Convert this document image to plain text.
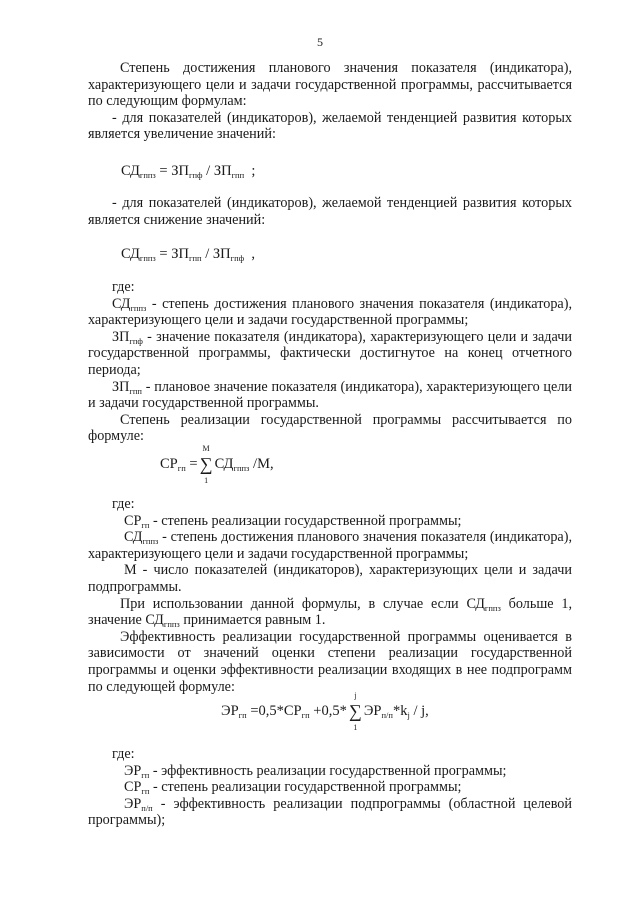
5

Степень достижения планового значения показателя (индикатора), характеризующего цели и задачи государственной программы, рассчитывается по следующим формулам:

- для показателей (индикаторов), желаемой тенденцией развития которых является увеличение значений:

$СД_{гппз} = ЗП_{гпф} / ЗП_{гпп}$ ;

- для показателей (индикаторов), желаемой тенденцией развития которых является снижение значений:

$СД_{гппз} = ЗП_{гпп} / ЗП_{гпф}$ ,

где:

$СД_{гппз}$ - степень достижения планового значения показателя (индикатора), характеризующего цели и задачи государственной программы;

$ЗП_{гпф}$ - значение показателя (индикатора), характеризующего цели и задачи государственной программы, фактически достигнутое на конец отчетного периода;

$ЗП_{гпп}$ - плановое значение показателя (индикатора), характеризующего цели и задачи государственной программы.

Степень реализации государственной программы рассчитывается по формуле:

$СР_{гп}$ =
M
∑
1
$СД_{гппз}$ /М,

где:

$СР_{гп}$ - степень реализации государственной программы;

$СД_{гппз}$ - степень достижения планового значения показателя (индикатора), характеризующего цели и задачи государственной программы;

М - число показателей (индикаторов), характеризующих цели и задачи подпрограммы.

При использовании данной формулы, в случае если $СД_{гппз}$ больше 1, значение $СД_{гппз}$ принимается равным 1.

Эффективность реализации государственной программы оценивается в зависимости от значений оценки степени реализации государственной программы и оценки эффективности реализации входящих в нее подпрограмм по следующей формуле:

$ЭР_{гп} =0,5*СР_{гп} +0,5*$
j
∑
1
$ЭР_{п/п}*k_j$ / j,

где:

$ЭР_{гп}$ - эффективность реализации государственной программы;

$СР_{гп}$ - степень реализации государственной программы;

$ЭР_{п/п}$ - эффективность реализации подпрограммы (областной целевой программы);
